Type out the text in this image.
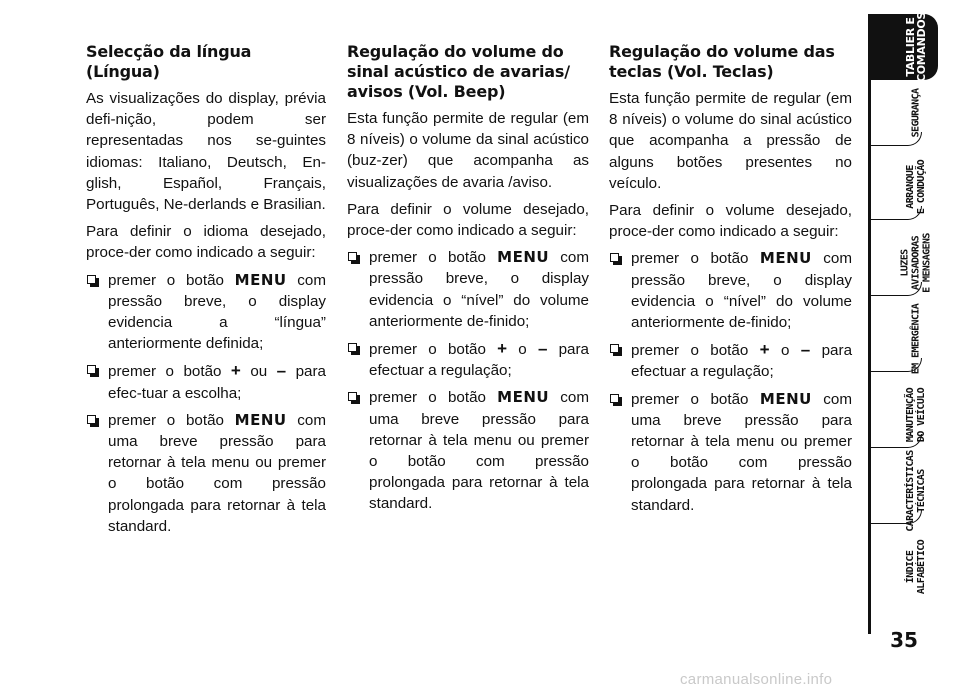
Selecção da língua (Língua)

As visualizações do display, prévia defi-nição, podem ser representadas nos se-guintes idiomas: Italiano, Deutsch, En-glish, Español, Français, Português, Ne-derlands e Brasilian.

Para definir o idioma desejado, proce-der como indicado a seguir:

premer o botão MENU com pressão breve, o display evidencia a “língua” anteriormente definida;
premer o botão + ou – para efec-tuar a escolha;
premer o botão MENU com uma breve pressão para retornar à tela menu ou premer o botão com pressão prolongada para retornar à tela standard.
Regulação do volume do sinal acústico de avarias/ avisos (Vol. Beep)

Esta função permite de regular (em 8 níveis) o volume da sinal acústico (buz-zer) que acompanha as visualizações de avaria /aviso.

Para definir o volume desejado, proce-der como indicado a seguir:

premer o botão MENU com pressão breve, o display evidencia o “nível” do volume anteriormente de-finido;
premer o botão + o – para efectuar a regulação;
premer o botão MENU com uma breve pressão para retornar à tela menu ou premer o botão com pressão prolongada para retornar à tela standard.
Regulação do volume das teclas (Vol. Teclas)

Esta função permite de regular (em 8 níveis) o volume do sinal acústico que acompanha a pressão de alguns botões presentes no veículo.

Para definir o volume desejado, proce-der como indicado a seguir:

premer o botão MENU com pressão breve, o display evidencia o “nível” do volume anteriormente de-finido;
premer o botão + o – para efectuar a regulação;
premer o botão MENU com uma breve pressão para retornar à tela menu ou premer o botão com pressão prolongada para retornar à tela standard.
TABLIER E
COMANDOS
SEGURANÇA
ARRANQUE
E CONDUÇÃO
LUZES
AVISADORAS
E MENSAGENS
EM EMERGÊNCIA
MANUTENÇÃO
DO VEÍCULO
CARACTERÍSTICAS
TÉCNICAS
ÍNDICE
ALFABÉTICO
35
carmanualsonline.info
